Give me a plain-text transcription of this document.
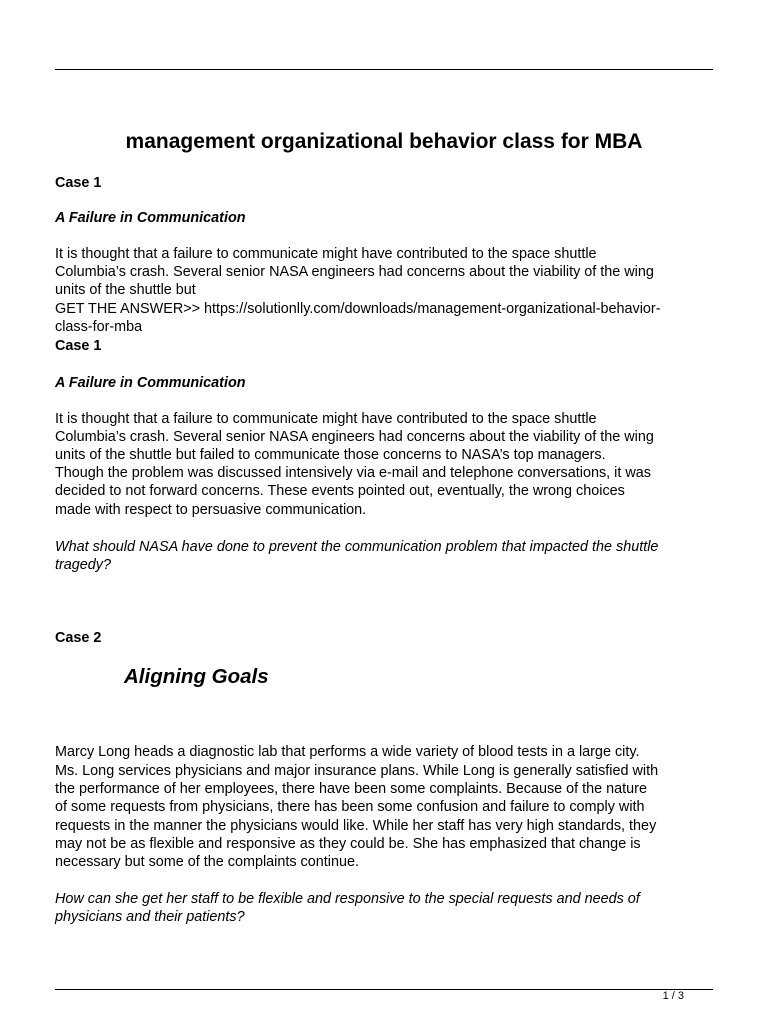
management organizational behavior class for MBA
Case 1
A Failure in Communication
It is thought that a failure to communicate might have contributed to the space shuttle
Columbia’s crash. Several senior NASA engineers had concerns about the viability of the wing
units of the shuttle but
GET THE ANSWER>> https://solutionlly.com/downloads/management-organizational-behavior-
class-for-mba
Case 1
A Failure in Communication
It is thought that a failure to communicate might have contributed to the space shuttle
Columbia’s crash. Several senior NASA engineers had concerns about the viability of the wing
units of the shuttle but failed to communicate those concerns to NASA’s top managers.
Though the problem was discussed intensively via e-mail and telephone conversations, it was
decided to not forward concerns. These events pointed out, eventually, the wrong choices
made with respect to persuasive communication.
What should NASA have done to prevent the communication problem that impacted the shuttle
tragedy?
Case 2
Aligning Goals
Marcy Long heads a diagnostic lab that performs a wide variety of blood tests in a large city.
Ms. Long services physicians and major insurance plans. While Long is generally satisfied with
the performance of her employees, there have been some complaints. Because of the nature
of some requests from physicians, there has been some confusion and failure to comply with
requests in the manner the physicians would like. While her staff has very high standards, they
may not be as flexible and responsive as they could be. She has emphasized that change is
necessary but some of the complaints continue.
How can she get her staff to be flexible and responsive to the special requests and needs of
physicians and their patients?
1 / 3
